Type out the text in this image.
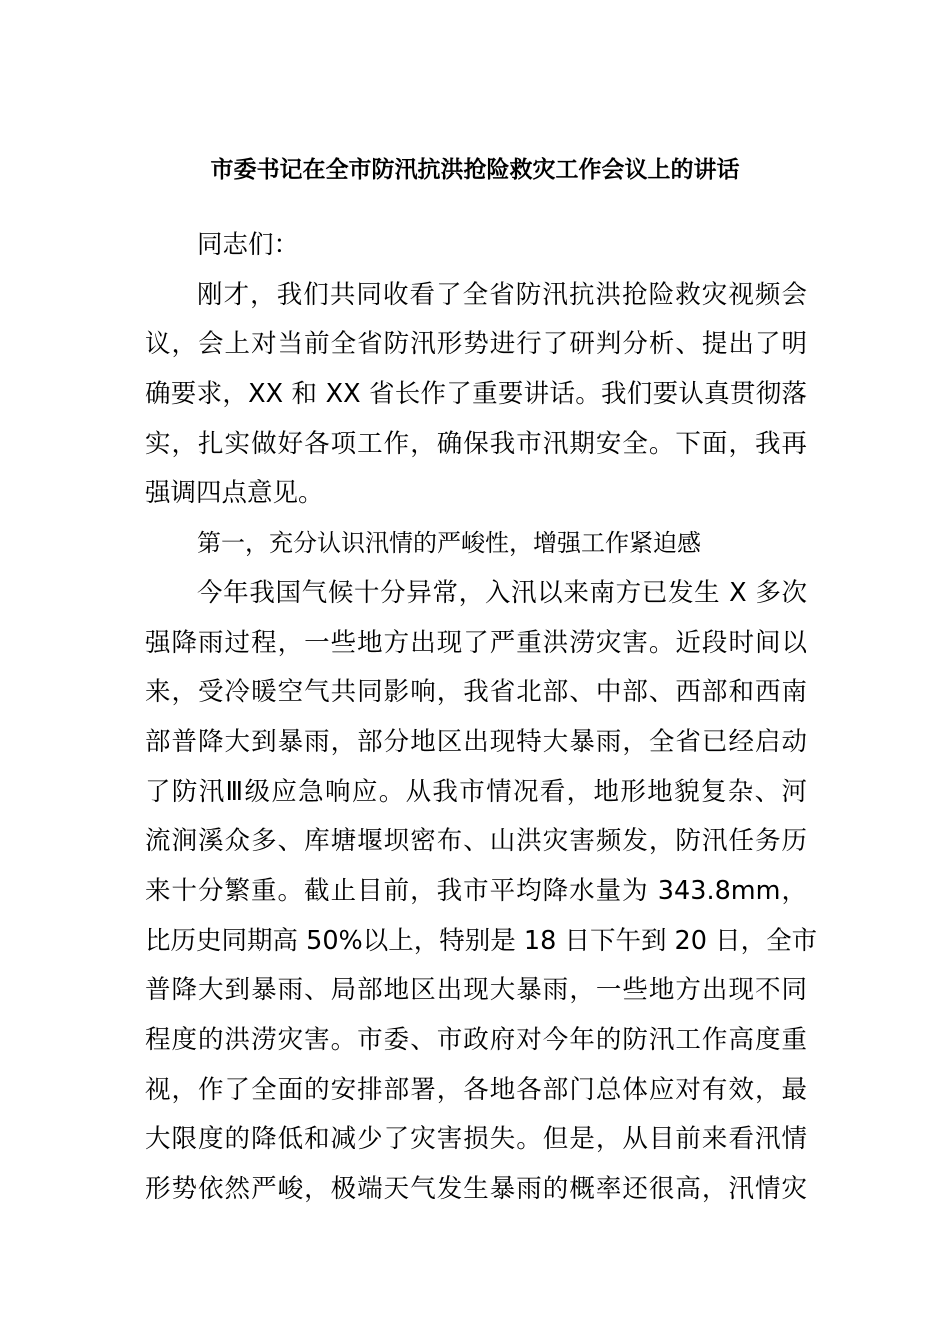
市委书记在全市防汛抗洪抢险救灾工作会议上的讲话
同志们：
刚才，我们共同收看了全省防汛抗洪抢险救灾视频会
议，会上对当前全省防汛形势进行了研判分析、提出了明
确要求，XX 和 XX 省长作了重要讲话。我们要认真贯彻落
实，扎实做好各项工作，确保我市汛期安全。下面，我再
强调四点意见。
第一，充分认识汛情的严峻性，增强工作紧迫感
今年我国气候十分异常，入汛以来南方已发生 X 多次
强降雨过程，一些地方出现了严重洪涝灾害。近段时间以
来，受冷暖空气共同影响，我省北部、中部、西部和西南
部普降大到暴雨，部分地区出现特大暴雨，全省已经启动
了防汛Ⅲ级应急响应。从我市情况看，地形地貌复杂、河
流涧溪众多、库塘堰坝密布、山洪灾害频发，防汛任务历
来十分繁重。截止目前，我市平均降水量为 343.8mm，
比历史同期高 50%以上，特别是 18 日下午到 20 日，全市
普降大到暴雨、局部地区出现大暴雨，一些地方出现不同
程度的洪涝灾害。市委、市政府对今年的防汛工作高度重
视，作了全面的安排部署，各地各部门总体应对有效，最
大限度的降低和减少了灾害损失。但是，从目前来看汛情
形势依然严峻，极端天气发生暴雨的概率还很高，汛情灾
